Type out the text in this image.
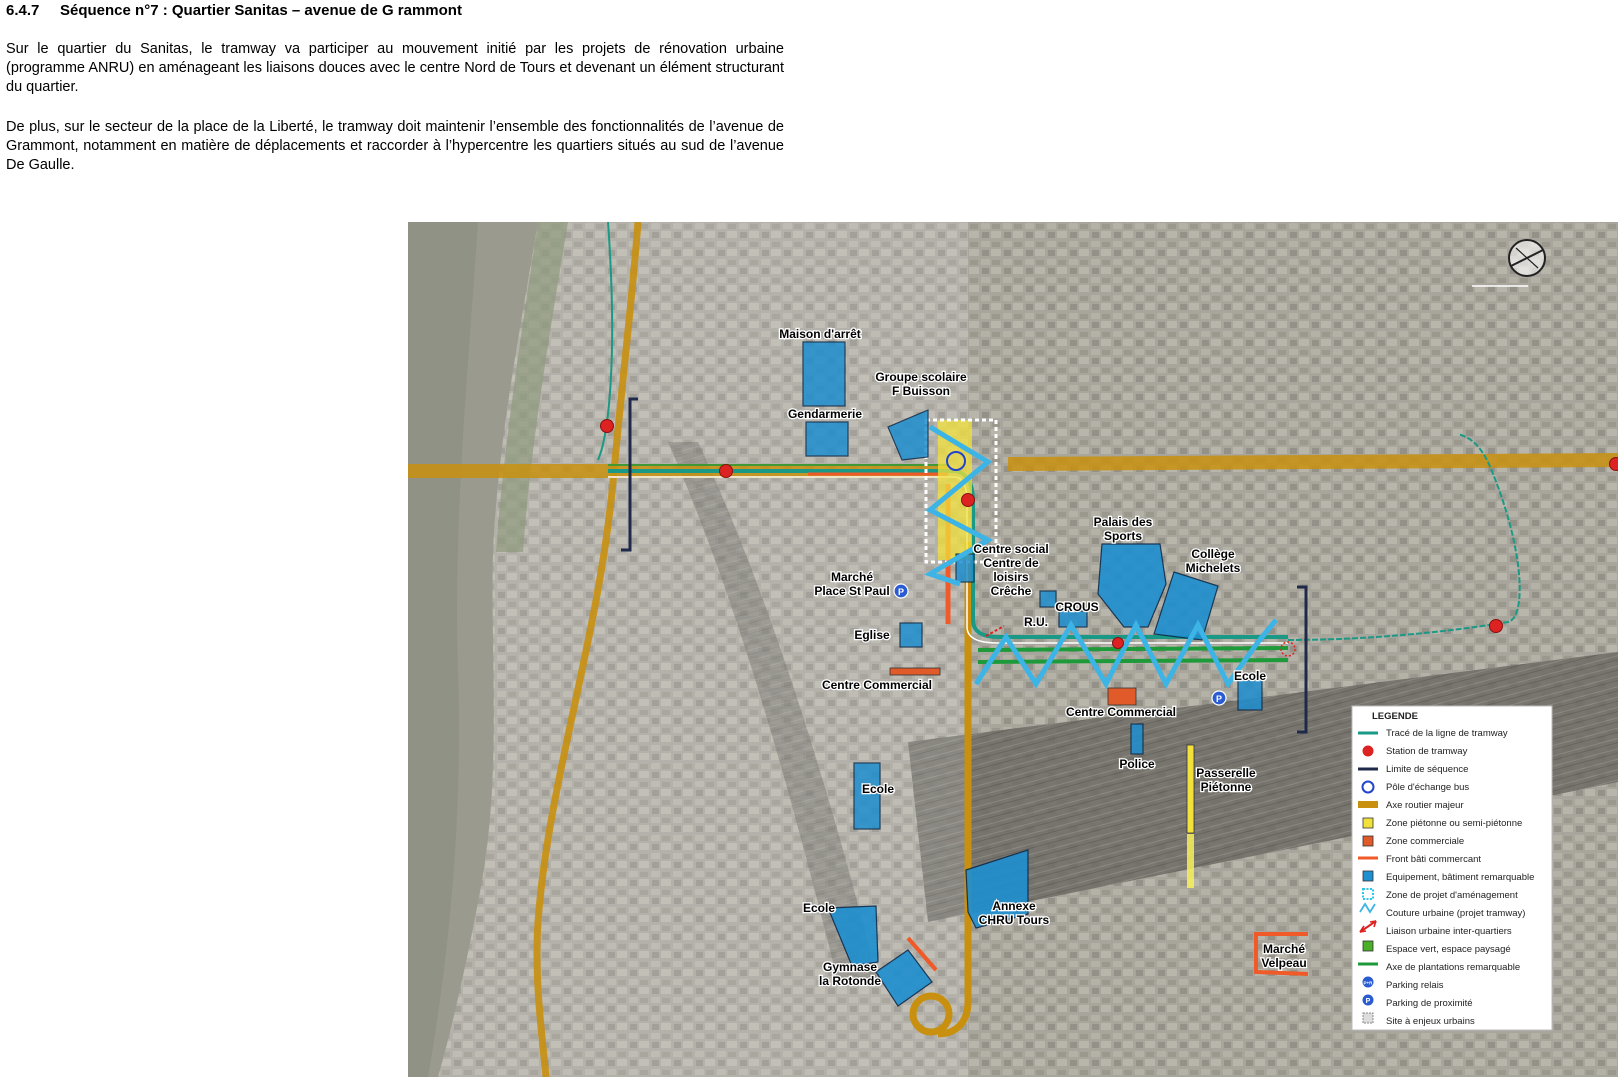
6.4.7 Séquence n°7 : Quartier Sanitas – avenue de G rammont
Sur le quartier du Sanitas, le tramway va participer au mouvement initié par les projets de rénovation urbaine (programme ANRU) en aménageant les liaisons douces avec le centre Nord de Tours et devenant un élément structurant du quartier.
De plus, sur le secteur de la place de la Liberté, le tramway doit maintenir l’ensemble des fonctionnalités de l’avenue de Grammont, notamment en matière de déplacements et raccorder à l’hypercentre les quartiers situés au sud de l’avenue De Gaulle.
P
P
Maison d'arrêt
Groupe scolaire
F Buisson
Gendarmerie
Palais des
Sports
Centre social
Centre de
loisirs
Crêche
Collège
Michelets
Marché
Place St Paul
CROUS
R.U.
Eglise
Centre Commercial
Ecole
Centre Commercial
Police
Passerelle
Piétonne
Ecole
Ecole	Annexe
CHRU Tours
Gymnase
la Rotonde
Marché
Velpeau
LEGENDE
P+R
P
Tracé de la ligne de tramway
Station de tramway
Limite de séquence
Pôle d'échange bus
Axe routier majeur
Zone piétonne ou semi-piétonne
Zone commerciale
Front bâti commercant
Equipement, bâtiment remarquable
Zone de projet d'aménagement
Couture urbaine (projet tramway)
Liaison urbaine inter-quartiers
Espace vert, espace paysagé
Axe de plantations remarquable
Parking relais
Parking de proximité
Site à enjeux urbains
